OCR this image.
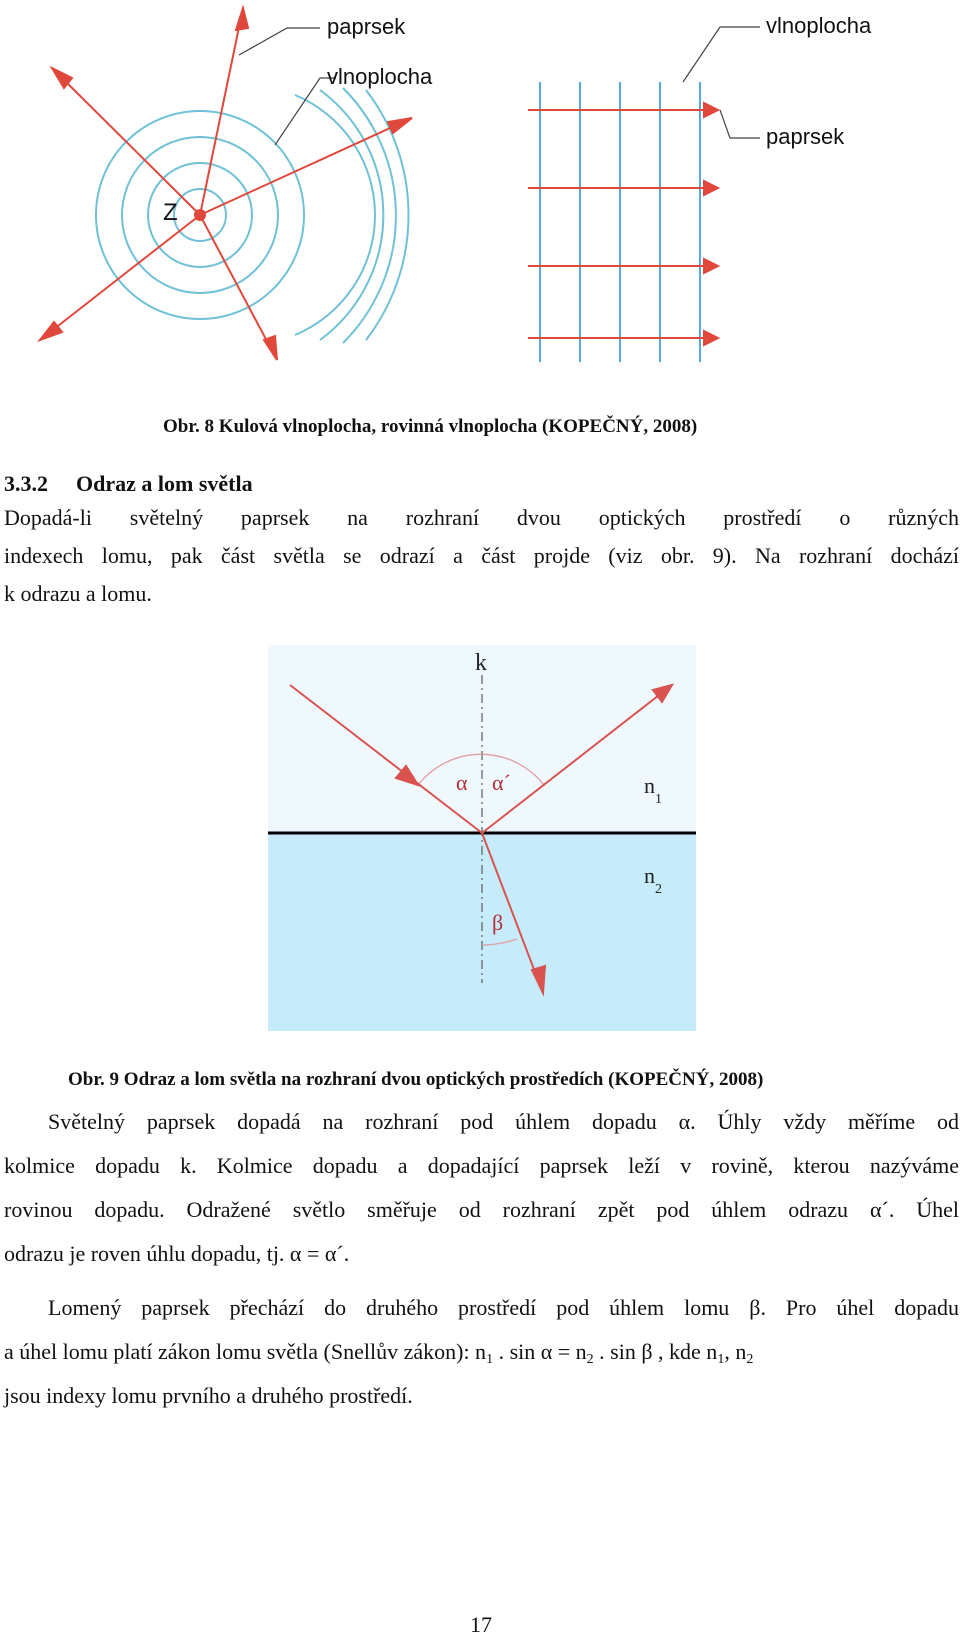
paprsek
vlnoplocha
Z
vlnoplocha
paprsek
Obr. 8 Kulová vlnoplocha, rovinná vlnoplocha (KOPEČNÝ, 2008)
3.3.2 Odraz a lom světla
Dopadá-li světelný paprsek na rozhraní dvou optických prostředí o různých
indexech lomu, pak část světla se odrazí a část projde (viz obr. 9). Na rozhraní dochází
k odrazu a lomu.
k
α α´
β
$n_1$
$n_2$
Obr. 9 Odraz a lom světla na rozhraní dvou optických prostředích (KOPEČNÝ, 2008)
Světelný paprsek dopadá na rozhraní pod úhlem dopadu α. Úhly vždy měříme od
kolmice dopadu k. Kolmice dopadu a dopadající paprsek leží v rovině, kterou nazýváme
rovinou dopadu. Odražené světlo směřuje od rozhraní zpět pod úhlem odrazu α´. Úhel
odrazu je roven úhlu dopadu, tj. α = α´.
Lomený paprsek přechází do druhého prostředí pod úhlem lomu β. Pro úhel dopadu
a úhel lomu platí zákon lomu světla (Snellův zákon): $n_1$ . $\sin \alpha = n_2$ . sin β , kde $n_1$, $n_2$
jsou indexy lomu prvního a druhého prostředí.
17
